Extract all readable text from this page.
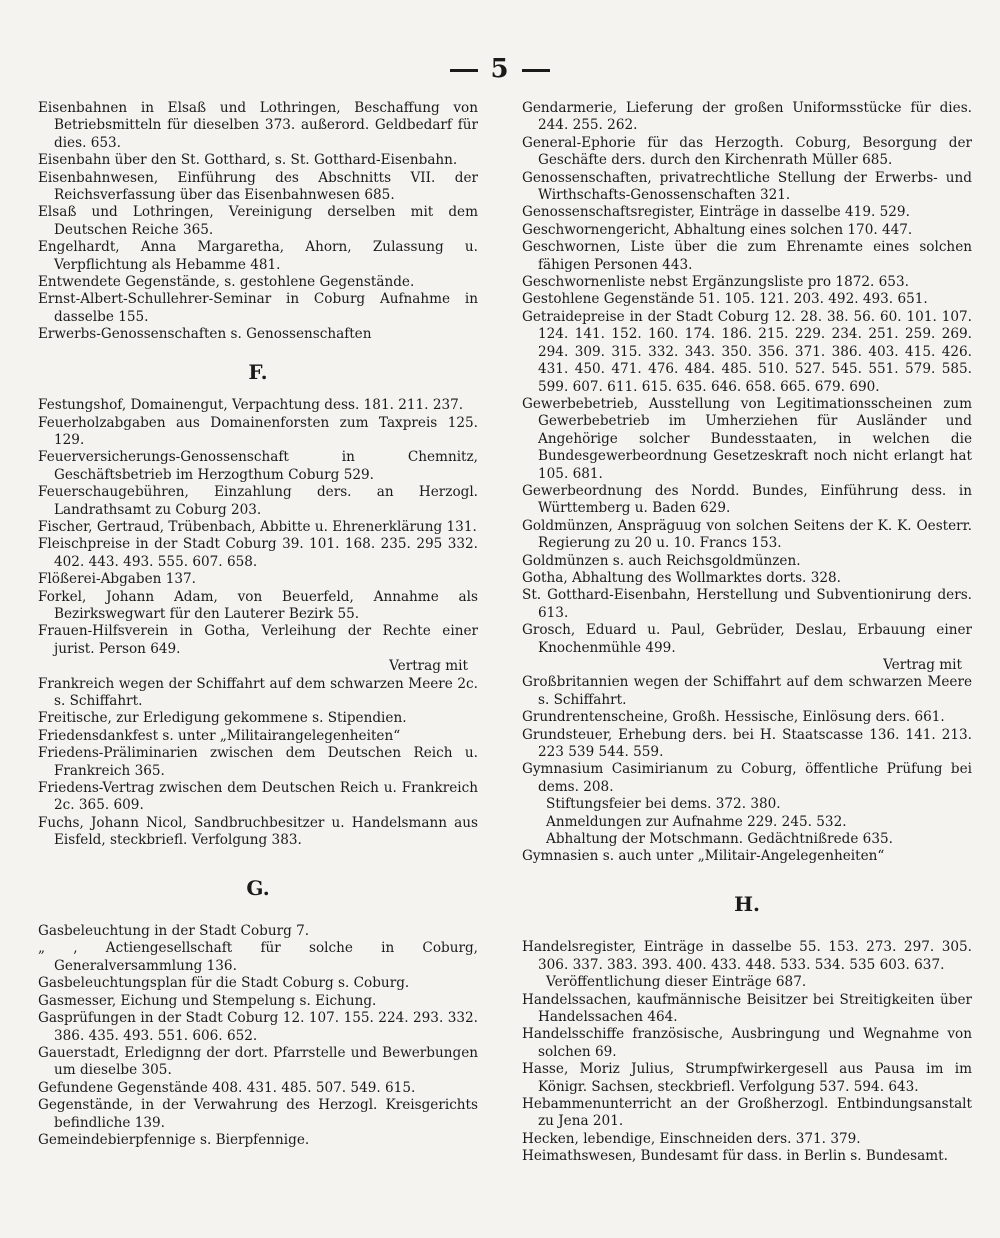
5

Eisenbahnen in Elsaß und Lothringen, Beschaffung von Betriebsmitteln für dieselben 373. außerord. Geldbedarf für dies. 653.

Eisenbahn über den St. Gotthard, s. St. Gotthard-Eisenbahn.

Eisenbahnwesen, Einführung des Abschnitts VII. der Reichsverfassung über das Eisenbahnwesen 685.

Elsaß und Lothringen, Vereinigung derselben mit dem Deutschen Reiche 365.

Engelhardt, Anna Margaretha, Ahorn, Zulassung u. Verpflichtung als Hebamme 481.

Entwendete Gegenstände, s. gestohlene Gegenstände.

Ernst-Albert-Schullehrer-Seminar in Coburg Aufnahme in dasselbe 155.

Erwerbs-Genossenschaften s. Genossenschaften

F.

Festungshof, Domainengut, Verpachtung dess. 181. 211. 237.

Feuerholzabgaben aus Domainenforsten zum Taxpreis 125. 129.

Feuerversicherungs-Genossenschaft in Chemnitz, Geschäftsbetrieb im Herzogthum Coburg 529.

Feuerschaugebühren, Einzahlung ders. an Herzogl. Landrathsamt zu Coburg 203.

Fischer, Gertraud, Trübenbach, Abbitte u. Ehrenerklärung 131.

Fleischpreise in der Stadt Coburg 39. 101. 168. 235. 295 332. 402. 443. 493. 555. 607. 658.

Flößerei-Abgaben 137.

Forkel, Johann Adam, von Beuerfeld, Annahme als Bezirkswegwart für den Lauterer Bezirk 55.

Frauen-Hilfsverein in Gotha, Verleihung der Rechte einer jurist. Person 649.

Vertrag mit

Frankreich wegen der Schiffahrt auf dem schwarzen Meere 2c. s. Schiffahrt.

Freitische, zur Erledigung gekommene s. Stipendien.

Friedensdankfest s. unter „Militairangelegenheiten“

Friedens-Präliminarien zwischen dem Deutschen Reich u. Frankreich 365.

Friedens-Vertrag zwischen dem Deutschen Reich u. Frankreich 2c. 365. 609.

Fuchs, Johann Nicol, Sandbruchbesitzer u. Handelsmann aus Eisfeld, steckbriefl. Verfolgung 383.

G.

Gasbeleuchtung in der Stadt Coburg 7.

„ , Actiengesellschaft für solche in Coburg, Generalversammlung 136.

Gasbeleuchtungsplan für die Stadt Coburg s. Coburg.

Gasmesser, Eichung und Stempelung s. Eichung.

Gasprüfungen in der Stadt Coburg 12. 107. 155. 224. 293. 332. 386. 435. 493. 551. 606. 652.

Gauerstadt, Erledignng der dort. Pfarrstelle und Bewerbungen um dieselbe 305.

Gefundene Gegenstände 408. 431. 485. 507. 549. 615.

Gegenstände, in der Verwahrung des Herzogl. Kreisgerichts befindliche 139.

Gemeindebierpfennige s. Bierpfennige.

Gendarmerie, Lieferung der großen Uniformsstücke für dies. 244. 255. 262.

General-Ephorie für das Herzogth. Coburg, Besorgung der Geschäfte ders. durch den Kirchenrath Müller 685.

Genossenschaften, privatrechtliche Stellung der Erwerbs- und Wirthschafts-Genossenschaften 321.

Genossenschaftsregister, Einträge in dasselbe 419. 529.

Geschwornengericht, Abhaltung eines solchen 170. 447.

Geschwornen, Liste über die zum Ehrenamte eines solchen fähigen Personen 443.

Geschwornenliste nebst Ergänzungsliste pro 1872. 653.

Gestohlene Gegenstände 51. 105. 121. 203. 492. 493. 651.

Getraidepreise in der Stadt Coburg 12. 28. 38. 56. 60. 101. 107. 124. 141. 152. 160. 174. 186. 215. 229. 234. 251. 259. 269. 294. 309. 315. 332. 343. 350. 356. 371. 386. 403. 415. 426. 431. 450. 471. 476. 484. 485. 510. 527. 545. 551. 579. 585. 599. 607. 611. 615. 635. 646. 658. 665. 679. 690.

Gewerbebetrieb, Ausstellung von Legitimationsscheinen zum Gewerbebetrieb im Umherziehen für Ausländer und Angehörige solcher Bundesstaaten, in welchen die Bundesgewerbeordnung Gesetzeskraft noch nicht erlangt hat 105. 681.

Gewerbeordnung des Nordd. Bundes, Einführung dess. in Württemberg u. Baden 629.

Goldmünzen, Anspräguug von solchen Seitens der K. K. Oesterr. Regierung zu 20 u. 10. Francs 153.

Goldmünzen s. auch Reichsgoldmünzen.

Gotha, Abhaltung des Wollmarktes dorts. 328.

St. Gotthard-Eisenbahn, Herstellung und Subventionirung ders. 613.

Grosch, Eduard u. Paul, Gebrüder, Deslau, Erbauung einer Knochenmühle 499.

Vertrag mit

Großbritannien wegen der Schiffahrt auf dem schwarzen Meere s. Schiffahrt.

Grundrentenscheine, Großh. Hessische, Einlösung ders. 661.

Grundsteuer, Erhebung ders. bei H. Staatscasse 136. 141. 213. 223 539 544. 559.

Gymnasium Casimirianum zu Coburg, öffentliche Prüfung bei dems. 208.

Stiftungsfeier bei dems. 372. 380.

Anmeldungen zur Aufnahme 229. 245. 532.

Abhaltung der Motschmann. Gedächtnißrede 635.

Gymnasien s. auch unter „Militair-Angelegenheiten“

H.

Handelsregister, Einträge in dasselbe 55. 153. 273. 297. 305. 306. 337. 383. 393. 400. 433. 448. 533. 534. 535 603. 637.

Veröffentlichung dieser Einträge 687.

Handelssachen, kaufmännische Beisitzer bei Streitigkeiten über Handelssachen 464.

Handelsschiffe französische, Ausbringung und Wegnahme von solchen 69.

Hasse, Moriz Julius, Strumpfwirkergesell aus Pausa im im Königr. Sachsen, steckbriefl. Verfolgung 537. 594. 643.

Hebammenunterricht an der Großherzogl. Entbindungsanstalt zu Jena 201.

Hecken, lebendige, Einschneiden ders. 371. 379.

Heimathswesen, Bundesamt für dass. in Berlin s. Bundesamt.
